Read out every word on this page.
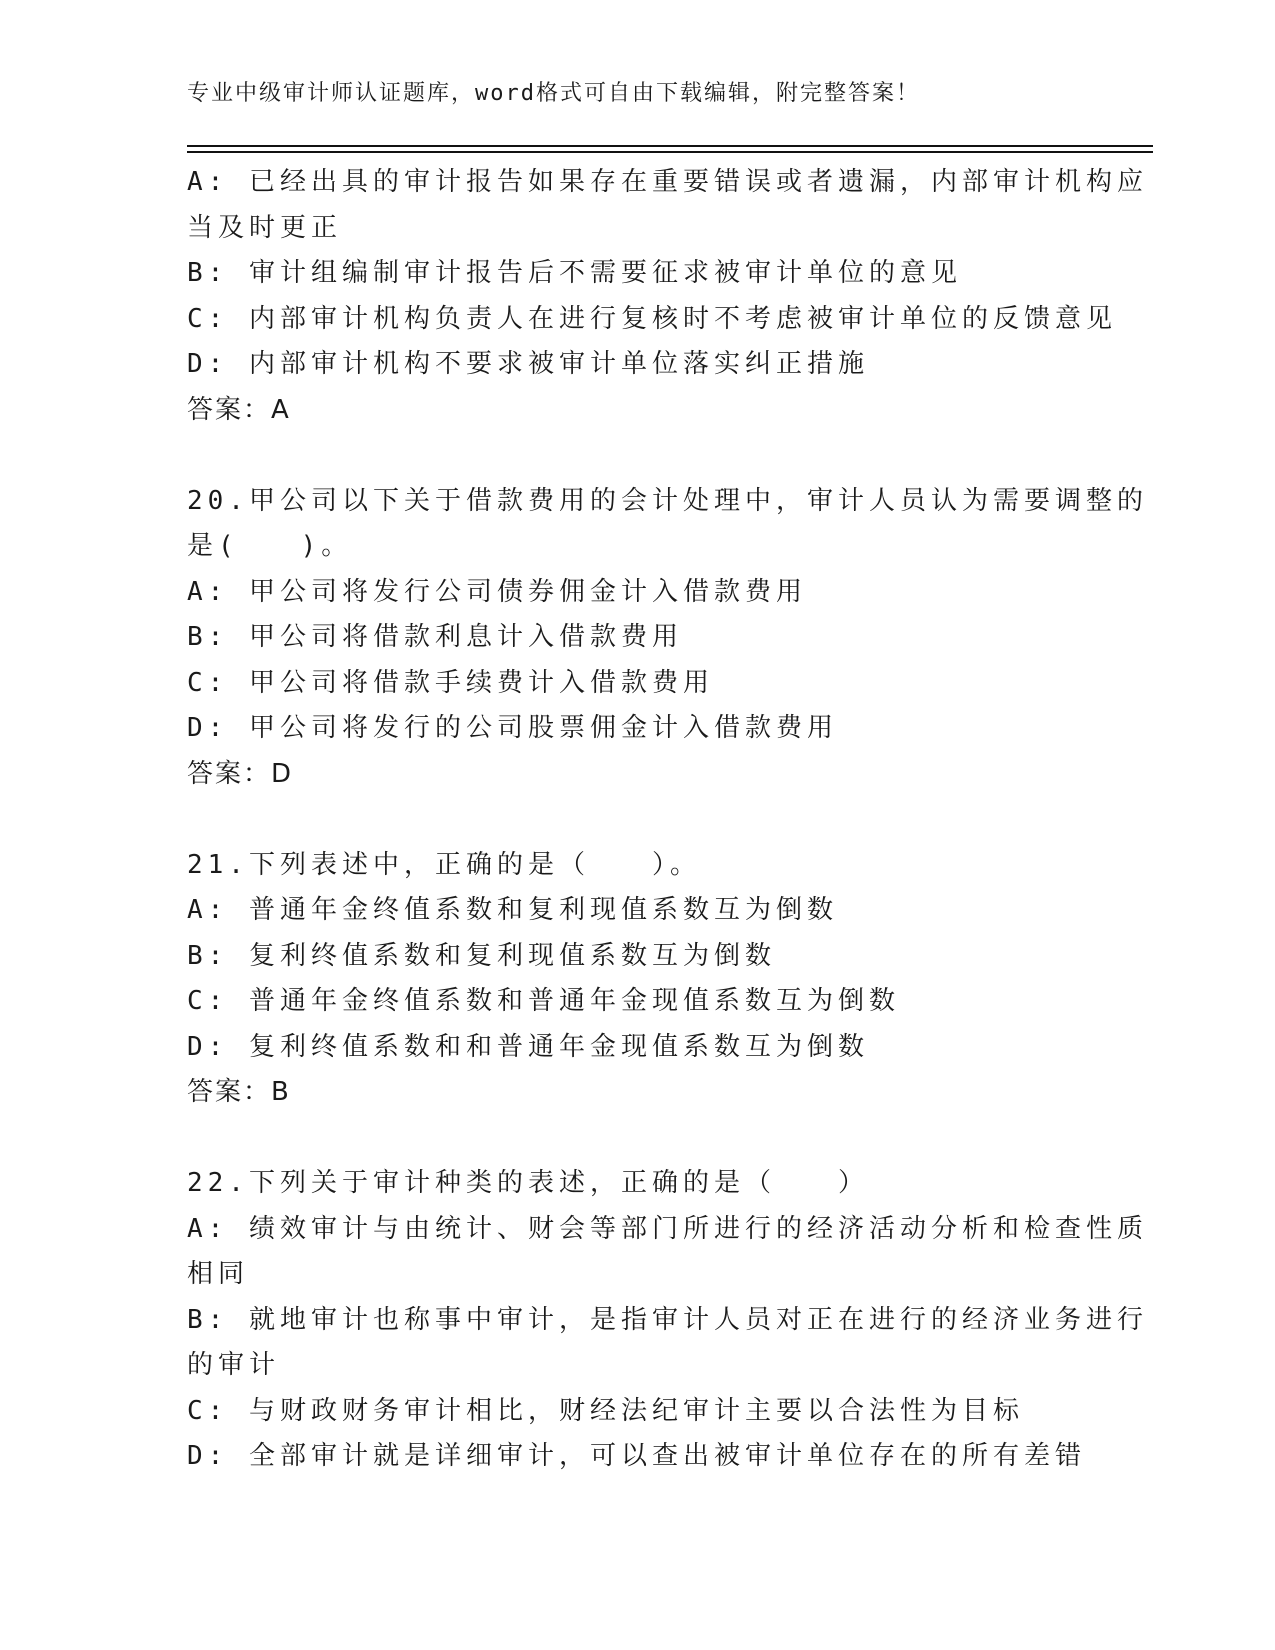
专业中级审计师认证题库，word格式可自由下载编辑，附完整答案！
A: 已经出具的审计报告如果存在重要错误或者遗漏，内部审计机构应
当及时更正
B: 审计组编制审计报告后不需要征求被审计单位的意见
C: 内部审计机构负责人在进行复核时不考虑被审计单位的反馈意见
D: 内部审计机构不要求被审计单位落实纠正措施
答案：A
20.甲公司以下关于借款费用的会计处理中，审计人员认为需要调整的
是(　　)。
A: 甲公司将发行公司债券佣金计入借款费用
B: 甲公司将借款利息计入借款费用
C: 甲公司将借款手续费计入借款费用
D: 甲公司将发行的公司股票佣金计入借款费用
答案：D
21.下列表述中，正确的是（　　）。
A: 普通年金终值系数和复利现值系数互为倒数
B: 复利终值系数和复利现值系数互为倒数
C: 普通年金终值系数和普通年金现值系数互为倒数
D: 复利终值系数和和普通年金现值系数互为倒数
答案：B
22.下列关于审计种类的表述，正确的是（　　）
A: 绩效审计与由统计、财会等部门所进行的经济活动分析和检查性质
相同
B: 就地审计也称事中审计，是指审计人员对正在进行的经济业务进行
的审计
C: 与财政财务审计相比，财经法纪审计主要以合法性为目标
D: 全部审计就是详细审计，可以查出被审计单位存在的所有差错
